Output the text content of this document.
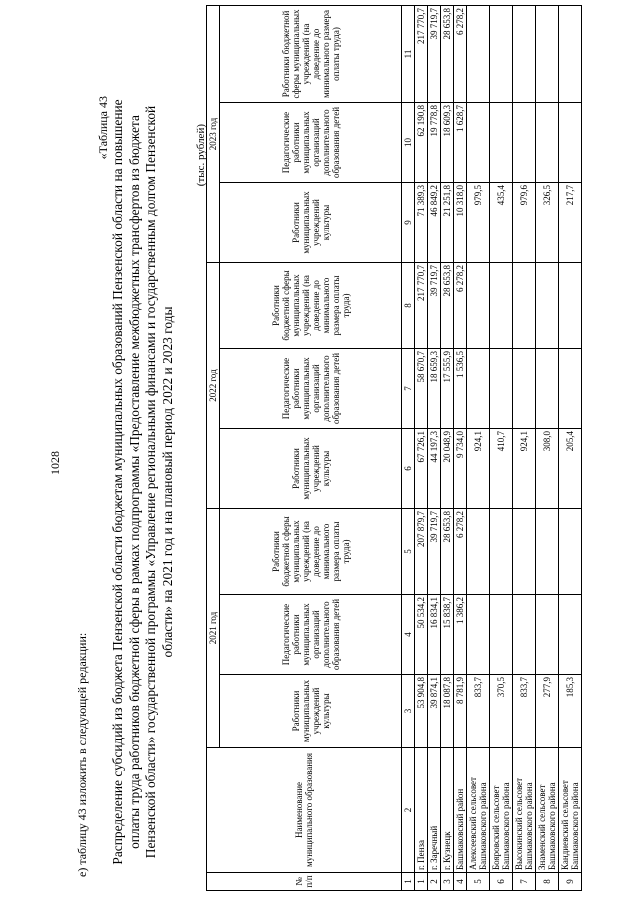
1028
е) таблицу 43 изложить в следующей редакции:
«Таблица 43 Распределение субсидий из бюджета Пензенской области бюджетам муниципальных образований Пензенской области на повышение оплаты труда работников бюджетной сферы в рамках подпрограммы «Предоставление межбюджетных трансфертов из бюджета Пензенской области» государственной программы «Управление региональными финансами и государственным долгом Пензенской области» на 2021 год и на плановый период 2022 и 2023 годы
(тыс. рублей)
№ п/п	Наименование муниципального образования	2021 год			2022 год			2023 год		
		Работники муниципальных учреждений культуры	Педагогические работники муниципальных организаций дополнительного образования детей	Работники бюджетной сферы муниципальных учреждений (на доведение до минимального размера оплаты труда)	Работники муниципальных учреждений культуры	Педагогические работники муниципальных организаций дополнительного образования детей	Работники бюджетной сферы муниципальных учреждений (на доведение до минимального размера оплаты труда)	Работники муниципальных учреждений культуры	Педагогические работники муниципальных организаций дополнительного образования детей	Работники бюджетной сферы муниципальных учреждений (на доведение до минимального размера оплаты труда)
1	2	3	4	5	6	7	8	9	10	11
1	г. Пенза	53 904,8	50 534,2	207 879,7	67 726,1	58 670,7	217 770,7	71 389,3	62 190,8	217 770,7
2	г. Заречный	39 874,1	16 834,1	39 719,7	44 197,3	18 659,3	39 719,7	46 849,2	19 778,8	39 719,7
3	г. Кузнецк	18 087,8	15 838,7	28 653,8	20 048,9	17 555,9	28 653,8	21 251,8	18 609,3	28 653,8
4	Башмаковский район	8 781,9	1 386,2	6 278,2	9 734,0	1 536,5	6 278,2	10 318,0	1 628,7	6 278,2
5	Алексеевский сельсовет Башмаковского района	833,7			924,1			979,5		
6	Бояровский сельсовет Башмаковского района	370,5			410,7			435,4		
7	Высокинский сельсовет Башмаковского района	833,7			924,1			979,6		
8	Знаменский сельсовет Башмаковского района	277,9			308,0			326,5		
9	Кандиевский сельсовет Башмаковского района	185,3			205,4			217,7		
